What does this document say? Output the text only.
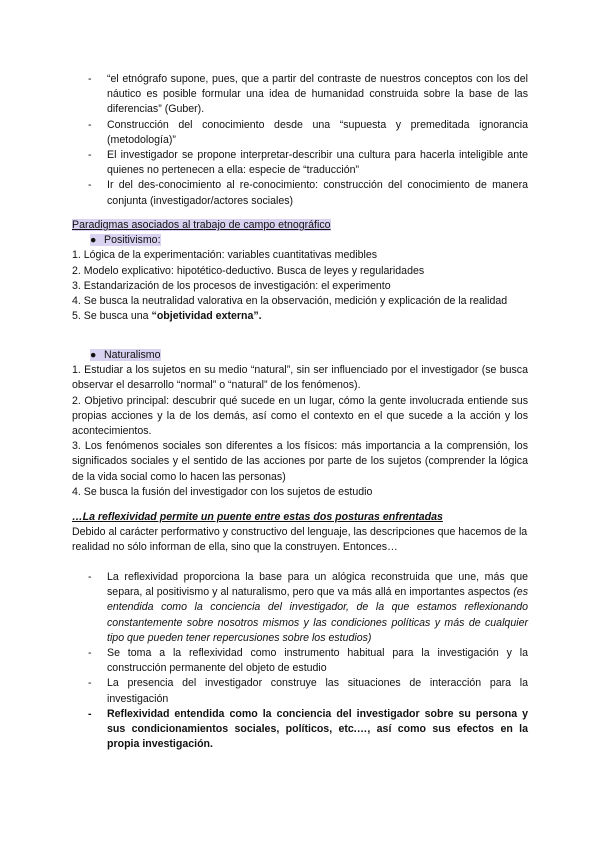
- “el etnógrafo supone, pues, que a partir del contraste de nuestros conceptos con los del náutico es posible formular una idea de humanidad construida sobre la base de las diferencias” (Guber).
- Construcción del conocimiento desde una “supuesta y premeditada ignorancia (metodología)”
- El investigador se propone interpretar-describir una cultura para hacerla inteligible ante quienes no pertenecen a ella: especie de “traducción”
- Ir del des-conocimiento al re-conocimiento: construcción del conocimiento de manera conjunta (investigador/actores sociales)

Paradigmas asociados al trabajo de campo etnográfico

● Positivismo:

1. Lógica de la experimentación: variables cuantitativas medibles

2. Modelo explicativo: hipotético-deductivo. Busca de leyes y regularidades

3. Estandarización de los procesos de investigación: el experimento

4. Se busca la neutralidad valorativa en la observación, medición y explicación de la realidad

5. Se busca una “objetividad externa”.

● Naturalismo

1. Estudiar a los sujetos en su medio “natural”, sin ser influenciado por el investigador (se busca observar el desarrollo “normal” o “natural” de los fenómenos).

2. Objetivo principal: descubrir qué sucede en un lugar, cómo la gente involucrada entiende sus propias acciones y la de los demás, así como el contexto en el que sucede a la acción y los acontecimientos.

3. Los fenómenos sociales son diferentes a los físicos: más importancia a la comprensión, los significados sociales y el sentido de las acciones por parte de los sujetos (comprender la lógica de la vida social como lo hacen las personas)

4. Se busca la fusión del investigador con los sujetos de estudio

…La reflexividad permite un puente entre estas dos posturas enfrentadas

Debido al carácter performativo y constructivo del lenguaje, las descripciones que hacemos de la realidad no sólo informan de ella, sino que la construyen. Entonces…

- La reflexividad proporciona la base para un alógica reconstruida que une, más que separa, al positivismo y al naturalismo, pero que va más allá en importantes aspectos (es entendida como la conciencia del investigador, de la que estamos reflexionando constantemente sobre nosotros mismos y las condiciones políticas y más de cualquier tipo que pueden tener repercusiones sobre los estudios)
- Se toma a la reflexividad como instrumento habitual para la investigación y la construcción permanente del objeto de estudio
- La presencia del investigador construye las situaciones de interacción para la investigación
- Reflexividad entendida como la conciencia del investigador sobre su persona y sus condicionamientos sociales, políticos, etc.…, así como sus efectos en la propia investigación.
